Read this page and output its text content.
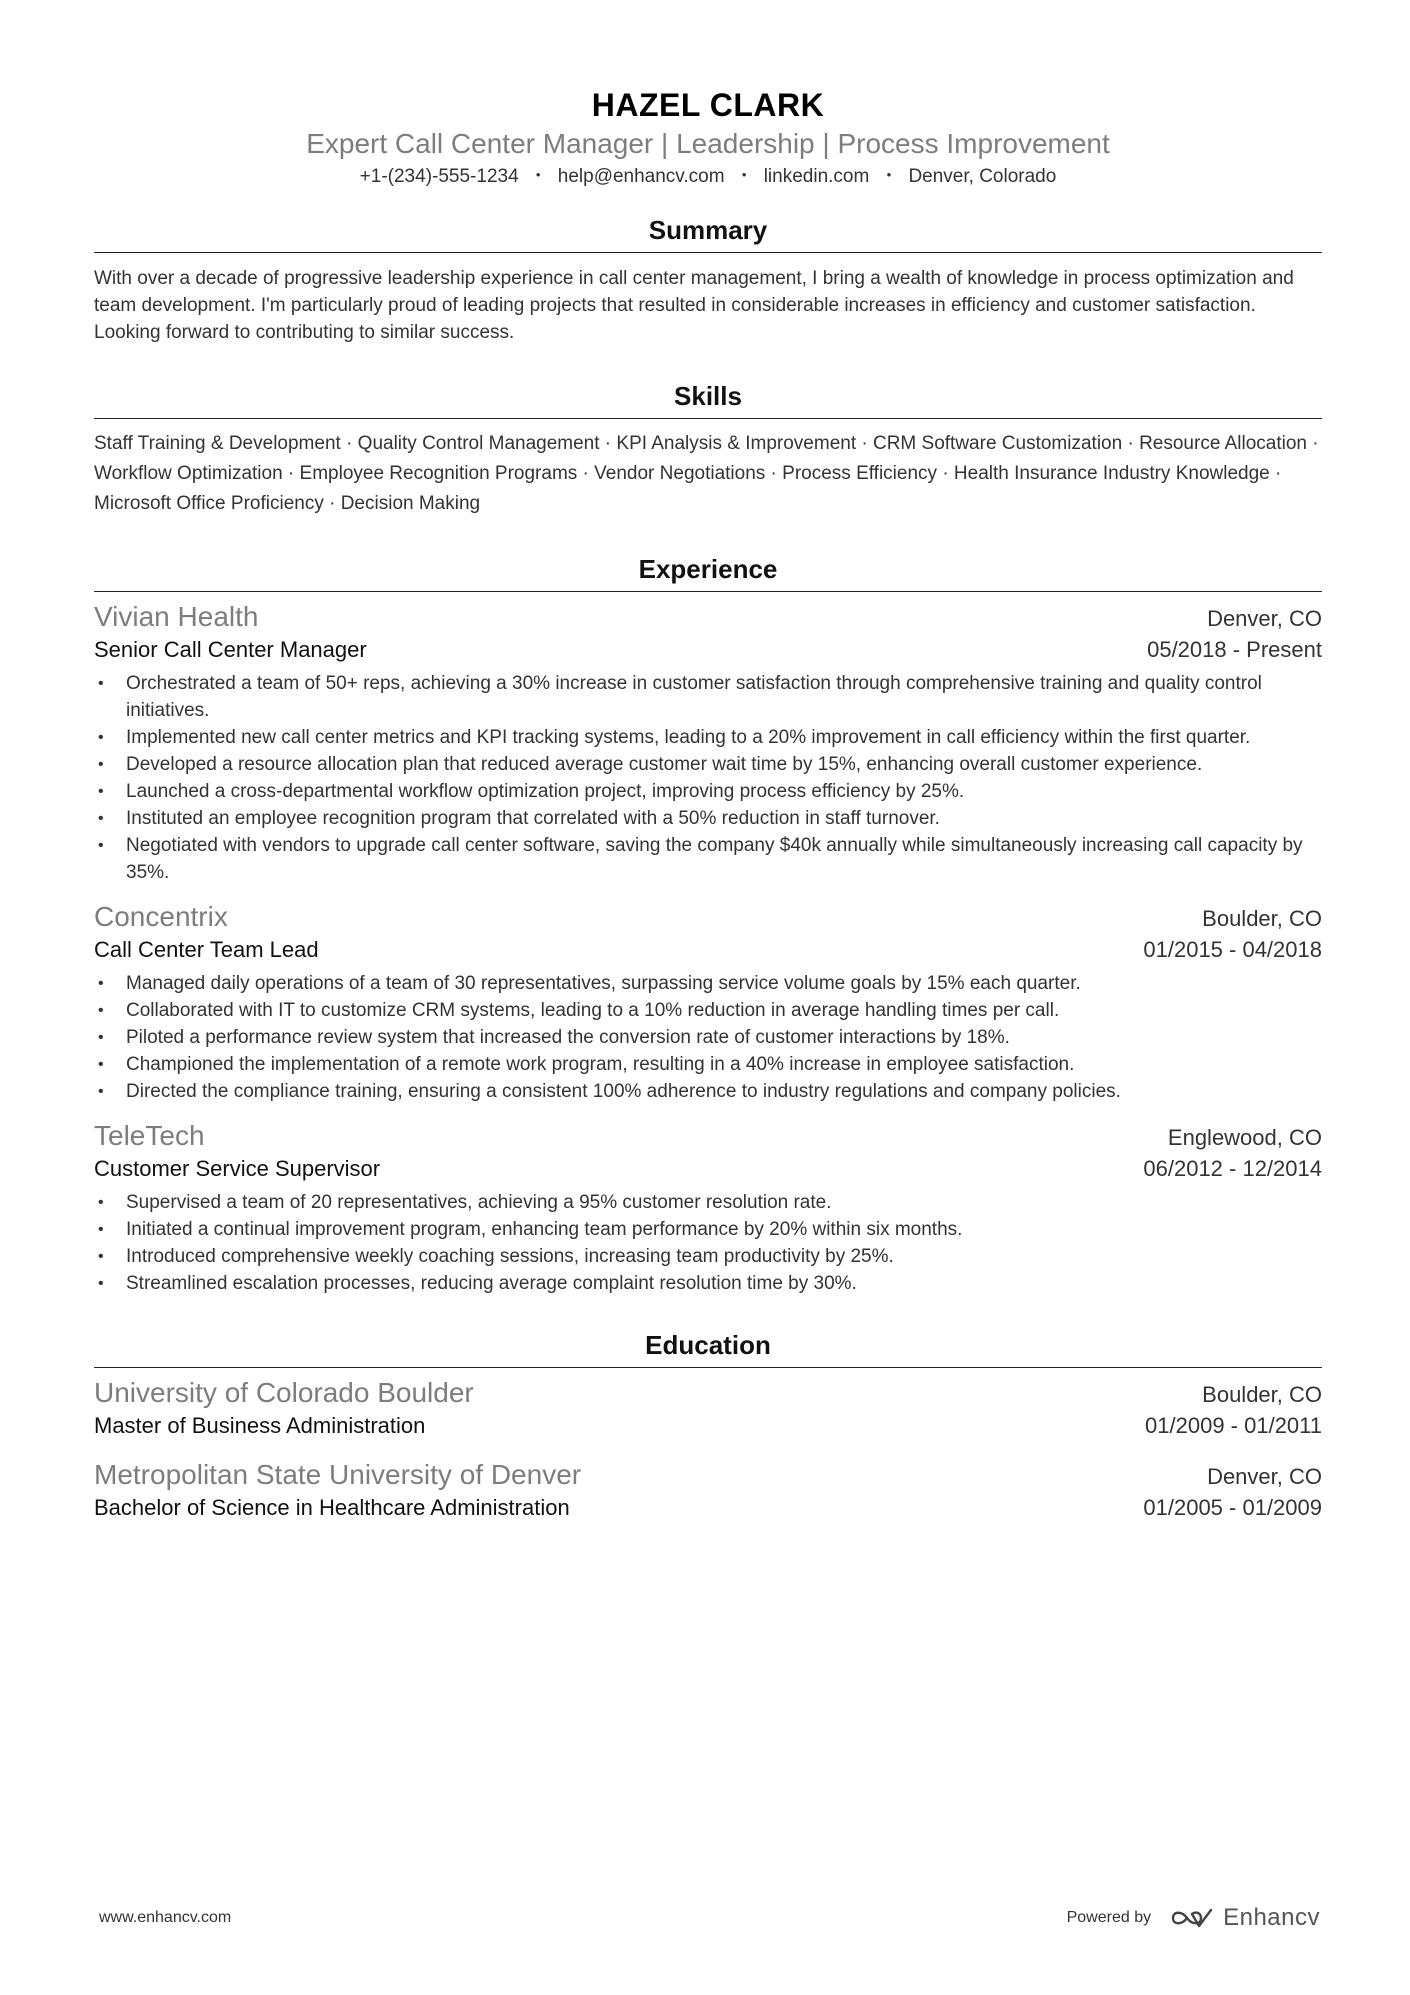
HAZEL CLARK
Expert Call Center Manager | Leadership | Process Improvement
+1-(234)-555-1234 • help@enhancv.com • linkedin.com • Denver, Colorado
Summary
With over a decade of progressive leadership experience in call center management, I bring a wealth of knowledge in process optimization and team development. I'm particularly proud of leading projects that resulted in considerable increases in efficiency and customer satisfaction. Looking forward to contributing to similar success.
Skills
Staff Training & Development · Quality Control Management · KPI Analysis & Improvement · CRM Software Customization · Resource Allocation · Workflow Optimization · Employee Recognition Programs · Vendor Negotiations · Process Efficiency · Health Insurance Industry Knowledge · Microsoft Office Proficiency · Decision Making
Experience
Vivian Health	Denver, CO
Senior Call Center Manager	05/2018 - Present
• Orchestrated a team of 50+ reps, achieving a 30% increase in customer satisfaction through comprehensive training and quality control initiatives.
• Implemented new call center metrics and KPI tracking systems, leading to a 20% improvement in call efficiency within the first quarter.
• Developed a resource allocation plan that reduced average customer wait time by 15%, enhancing overall customer experience.
• Launched a cross-departmental workflow optimization project, improving process efficiency by 25%.
• Instituted an employee recognition program that correlated with a 50% reduction in staff turnover.
• Negotiated with vendors to upgrade call center software, saving the company $40k annually while simultaneously increasing call capacity by 35%.
Concentrix	Boulder, CO
Call Center Team Lead	01/2015 - 04/2018
• Managed daily operations of a team of 30 representatives, surpassing service volume goals by 15% each quarter.
• Collaborated with IT to customize CRM systems, leading to a 10% reduction in average handling times per call.
• Piloted a performance review system that increased the conversion rate of customer interactions by 18%.
• Championed the implementation of a remote work program, resulting in a 40% increase in employee satisfaction.
• Directed the compliance training, ensuring a consistent 100% adherence to industry regulations and company policies.
TeleTech	Englewood, CO
Customer Service Supervisor	06/2012 - 12/2014
• Supervised a team of 20 representatives, achieving a 95% customer resolution rate.
• Initiated a continual improvement program, enhancing team performance by 20% within six months.
• Introduced comprehensive weekly coaching sessions, increasing team productivity by 25%.
• Streamlined escalation processes, reducing average complaint resolution time by 30%.
Education
University of Colorado Boulder	Boulder, CO
Master of Business Administration	01/2009 - 01/2011
Metropolitan State University of Denver	Denver, CO
Bachelor of Science in Healthcare Administration	01/2005 - 01/2009
www.enhancv.com	Powered by	Enhancv
